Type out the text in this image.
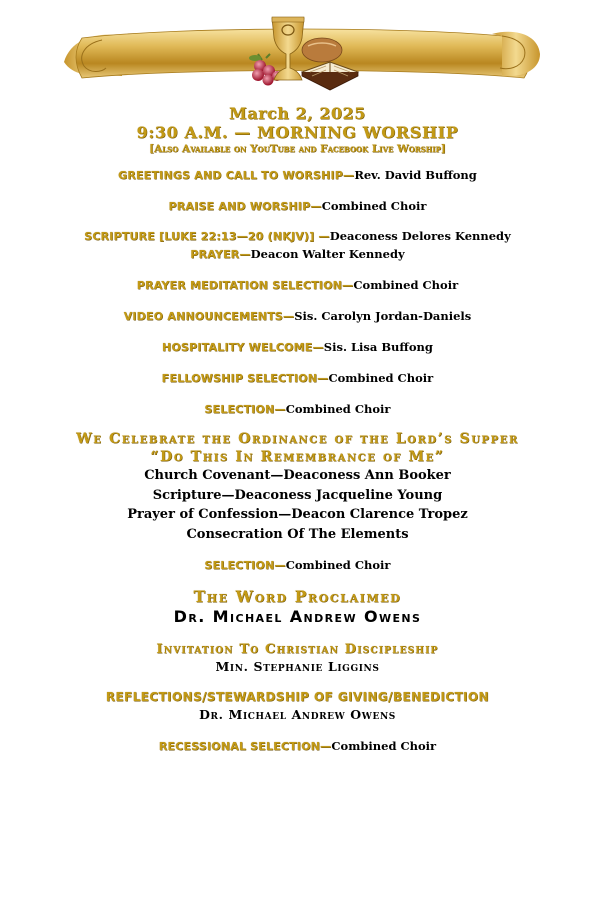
March 2, 2025
9:30 A.M. — MORNING WORSHIP
[Also Available on YouTube and Facebook Live Worship]

GREETINGS AND CALL TO WORSHIP—Rev. David Buffong

PRAISE AND WORSHIP—Combined Choir

SCRIPTURE [LUKE 22:13—20 (NKJV)] —Deaconess Delores Kennedy

PRAYER—Deacon Walter Kennedy

PRAYER MEDITATION SELECTION—Combined Choir

VIDEO ANNOUNCEMENTS—Sis. Carolyn Jordan-Daniels

HOSPITALITY WELCOME—Sis. Lisa Buffong

FELLOWSHIP SELECTION—Combined Choir

SELECTION—Combined Choir

We Celebrate the Ordinance of the Lord’s Supper
“Do This In Remembrance of Me”
Church Covenant—Deaconess Ann Booker
Scripture—Deaconess Jacqueline Young
Prayer of Confession—Deacon Clarence Tropez
Consecration Of The Elements

SELECTION—Combined Choir

The Word Proclaimed
Dr. Michael Andrew Owens
Invitation To Christian Discipleship
Min. Stephanie Liggins
REFLECTIONS/STEWARDSHIP OF GIVING/BENEDICTION
Dr. Michael Andrew Owens

RECESSIONAL SELECTION—Combined Choir
